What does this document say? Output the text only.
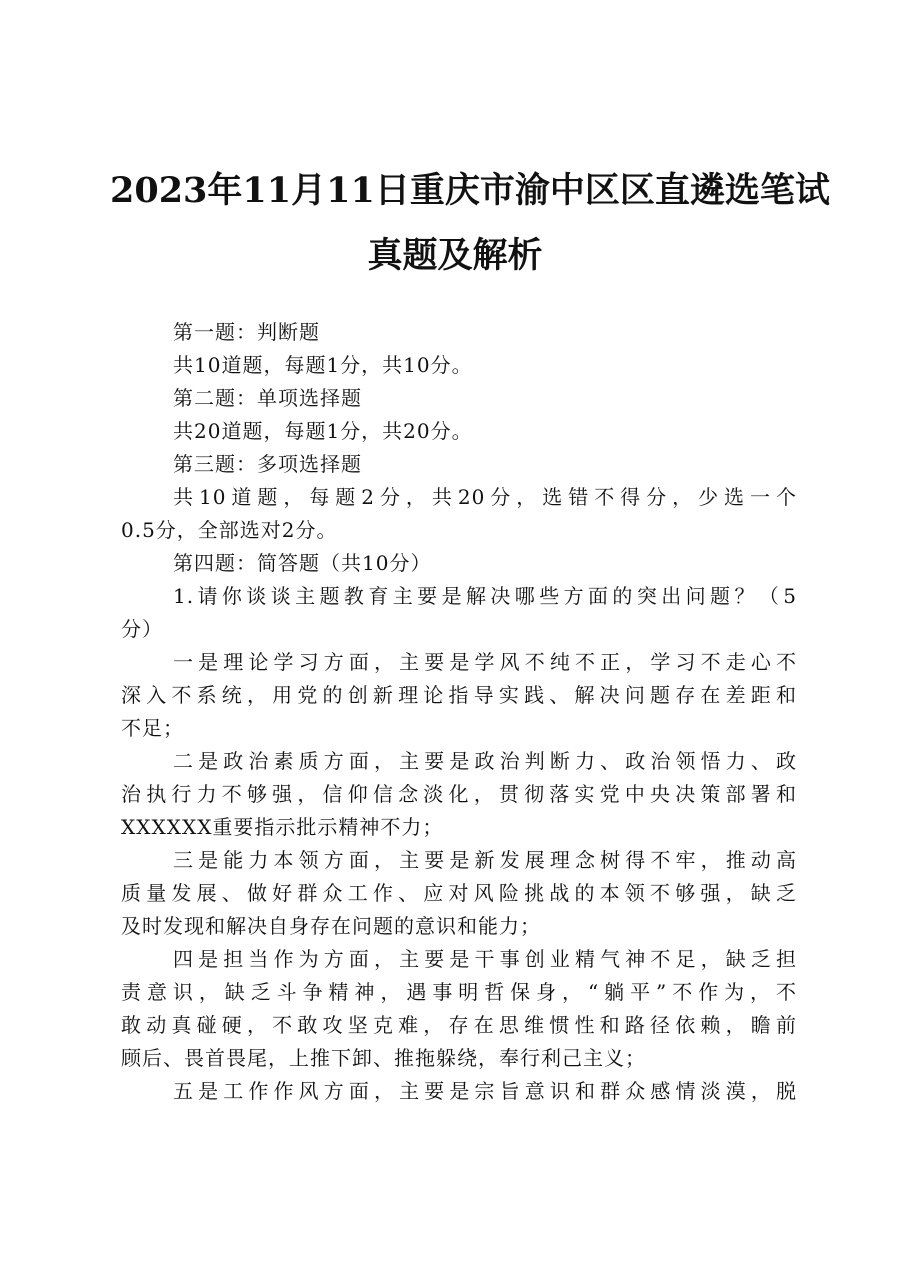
2023年11月11日重庆市渝中区区直遴选笔试
真题及解析
第一题：判断题
共10道题，每题1分，共10分。
第二题：单项选择题
共20道题，每题1分，共20分。
第三题：多项选择题
共10道题，每题2分，共20分，选错不得分，少选一个
0.5分，全部选对2分。
第四题：简答题（共10分）
1.请你谈谈主题教育主要是解决哪些方面的突出问题？（5
分）
一是理论学习方面，主要是学风不纯不正，学习不走心不
深入不系统，用党的创新理论指导实践、解决问题存在差距和
不足；
二是政治素质方面，主要是政治判断力、政治领悟力、政
治执行力不够强，信仰信念淡化，贯彻落实党中央决策部署和
XXXXXX重要指示批示精神不力；
三是能力本领方面，主要是新发展理念树得不牢，推动高
质量发展、做好群众工作、应对风险挑战的本领不够强，缺乏
及时发现和解决自身存在问题的意识和能力；
四是担当作为方面，主要是干事创业精气神不足，缺乏担
责意识，缺乏斗争精神，遇事明哲保身，“躺平”不作为，不
敢动真碰硬，不敢攻坚克难，存在思维惯性和路径依赖，瞻前
顾后、畏首畏尾，上推下卸、推拖躲绕，奉行利己主义；
五是工作作风方面，主要是宗旨意识和群众感情淡漠，脱
